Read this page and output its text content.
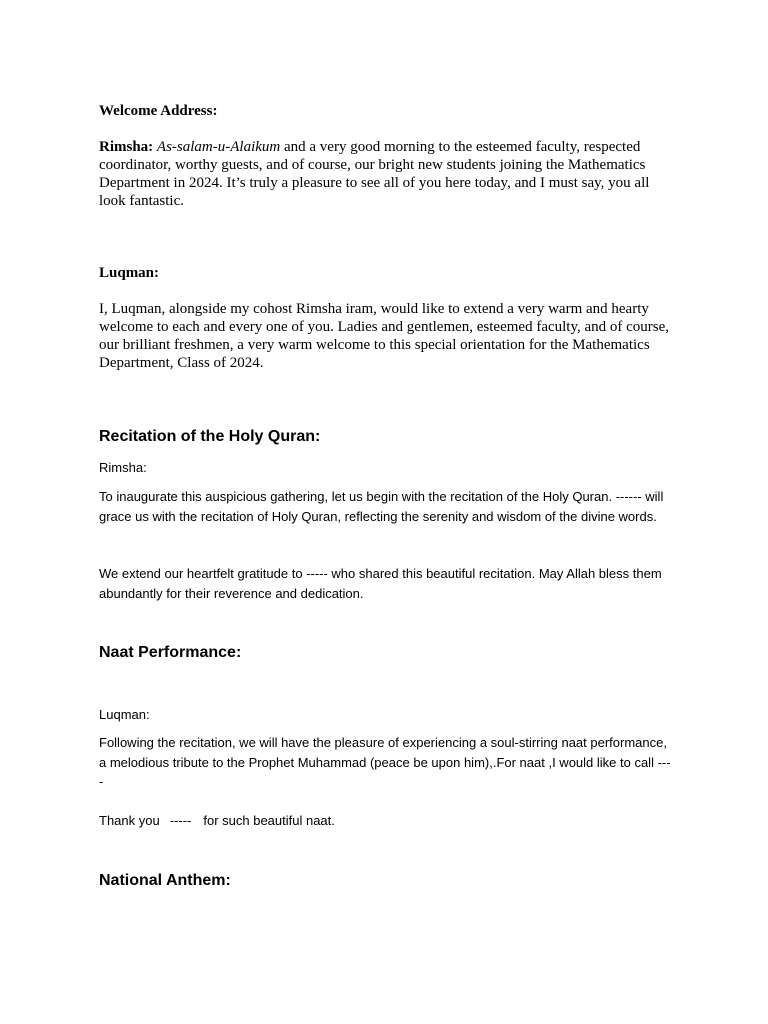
Welcome Address:

Rimsha: As-salam-u-Alaikum and a very good morning to the esteemed faculty, respected coordinator, worthy guests, and of course, our bright new students joining the Mathematics Department in 2024. It’s truly a pleasure to see all of you here today, and I must say, you all look fantastic.

Luqman:

I, Luqman, alongside my cohost Rimsha iram, would like to extend a very warm and hearty welcome to each and every one of you. Ladies and gentlemen, esteemed faculty, and of course, our brilliant freshmen, a very warm welcome to this special orientation for the Mathematics Department, Class of 2024.

Recitation of the Holy Quran:

Rimsha:

To inaugurate this auspicious gathering, let us begin with the recitation of the Holy Quran. ------ will grace us with the recitation of Holy Quran, reflecting the serenity and wisdom of the divine words.

We extend our heartfelt gratitude to ----- who shared this beautiful recitation. May Allah bless them abundantly for their reverence and dedication.

Naat Performance:

Luqman:

Following the recitation, we will have the pleasure of experiencing a soul-stirring naat performance, a melodious tribute to the Prophet Muhammad (peace be upon him),.For naat ,I would like to call ----

Thank you ----- for such beautiful naat.

National Anthem:
